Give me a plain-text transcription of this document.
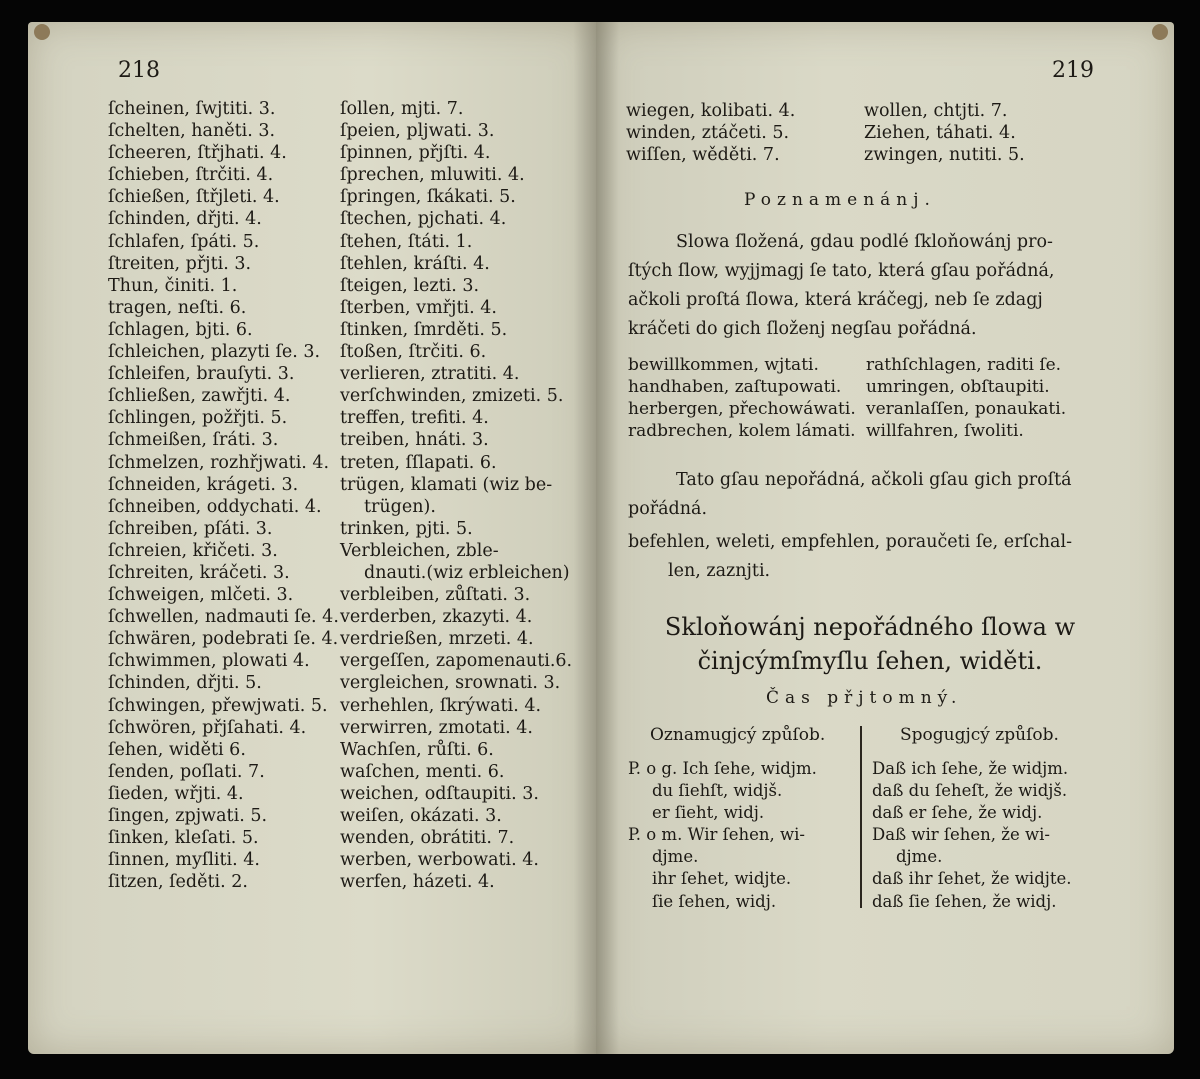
218	219
ſcheinen, ſwjtiti. 3.
ſchelten, haněti. 3.
ſcheeren, ſtřjhati. 4.
ſchieben, ſtrčiti. 4.
ſchießen, ſtřjleti. 4.
ſchinden, dřjti. 4.
ſchlafen, ſpáti. 5.
ſtreiten, přjti. 3.
Thun, činiti. 1.
tragen, neſti. 6.
ſchlagen, bjti. 6.
ſchleichen, plazyti ſe. 3.
ſchleifen, brauſyti. 3.
ſchließen, zawřjti. 4.
ſchlingen, požřjti. 5.
ſchmeißen, ſráti. 3.
ſchmelzen, rozhřjwati. 4.
ſchneiden, krágeti. 3.
ſchneiben, oddychati. 4.
ſchreiben, pſáti. 3.
ſchreien, křičeti. 3.
ſchreiten, kráčeti. 3.
ſchweigen, mlčeti. 3.
ſchwellen, nadmauti ſe. 4.
ſchwären, podebrati ſe. 4.
ſchwimmen, plowati 4.
ſchinden, dřjti. 5.
ſchwingen, přewjwati. 5.
ſchwören, přjſahati. 4.
ſehen, widěti 6.
ſenden, poſlati. 7.
ſieden, wřjti. 4.
ſingen, zpjwati. 5.
ſinken, kleſati. 5.
ſinnen, myſliti. 4.
ſitzen, ſeděti. 2.
ſollen, mjti. 7.
ſpeien, pljwati. 3.
ſpinnen, přjſti. 4.
ſprechen, mluwiti. 4.
ſpringen, ſkákati. 5.
ſtechen, pjchati. 4.
ſtehen, ſtáti. 1.
ſtehlen, kráſti. 4.
ſteigen, lezti. 3.
ſterben, vmřjti. 4.
ſtinken, ſmrděti. 5.
ſtoßen, ſtrčiti. 6.
verlieren, ztratiti. 4.
verſchwinden, zmizeti. 5.
treffen, trefiti. 4.
treiben, hnáti. 3.
treten, ſſlapati. 6.
trügen, klamati (wiz be-
trügen).
trinken, pjti. 5.
Verbleichen, zble-
dnauti.(wiz erbleichen)
verbleiben, zůſtati. 3.
verderben, zkazyti. 4.
verdrießen, mrzeti. 4.
vergeſſen, zapomenauti.6.
vergleichen, srownati. 3.
verhehlen, ſkrýwati. 4.
verwirren, zmotati. 4.
Wachſen, růſti. 6.
waſchen, menti. 6.
weichen, odſtaupiti. 3.
weiſen, okázati. 3.
wenden, obrátiti. 7.
werben, werbowati. 4.
werfen, házeti. 4.
wiegen, kolibati. 4.
winden, ztáčeti. 5.
wiſſen, wěděti. 7.
wollen, chtjti. 7.
Ziehen, táhati. 4.
zwingen, nutiti. 5.
Poznamenánj.
Slowa ſložená, gdau podlé ſkloňowánj pro-
ſtých ſlow, wyjjmagj ſe tato, která gſau pořádná,
ačkoli proſtá ſlowa, která kráčegj, neb ſe zdagj
kráčeti do gich ſloženj negſau pořádná.
bewillkommen, wjtati.
handhaben, zaſtupowati.
herbergen, přechowáwati.
radbrechen, kolem lámati.
rathſchlagen, raditi ſe.
umringen, obſtaupiti.
veranlaſſen, ponaukati.
willfahren, ſwoliti.
Tato gſau nepořádná, ačkoli gſau gich proſtá
pořádná.
befehlen, weleti, empfehlen, poraučeti ſe, erſchal-
len, zaznjti.
Skloňowánj nepořádného ſlowa w činjcýmſmyſlu ſehen, widěti.
Čas přjtomný.
Oznamugjcý způſob.	Spogugjcý způſob.
P. o g. Ich ſehe, widjm.
du ſiehſt, widjš.
er ſieht, widj.
P. o m. Wir ſehen, wi-
djme.
ihr ſehet, widjte.
ſie ſehen, widj.
Daß ich ſehe, že widjm.
daß du ſeheſt, že widjš.
daß er ſehe, že widj.
Daß wir ſehen, že wi-
djme.
daß ihr ſehet, že widjte.
daß ſie ſehen, že widj.
